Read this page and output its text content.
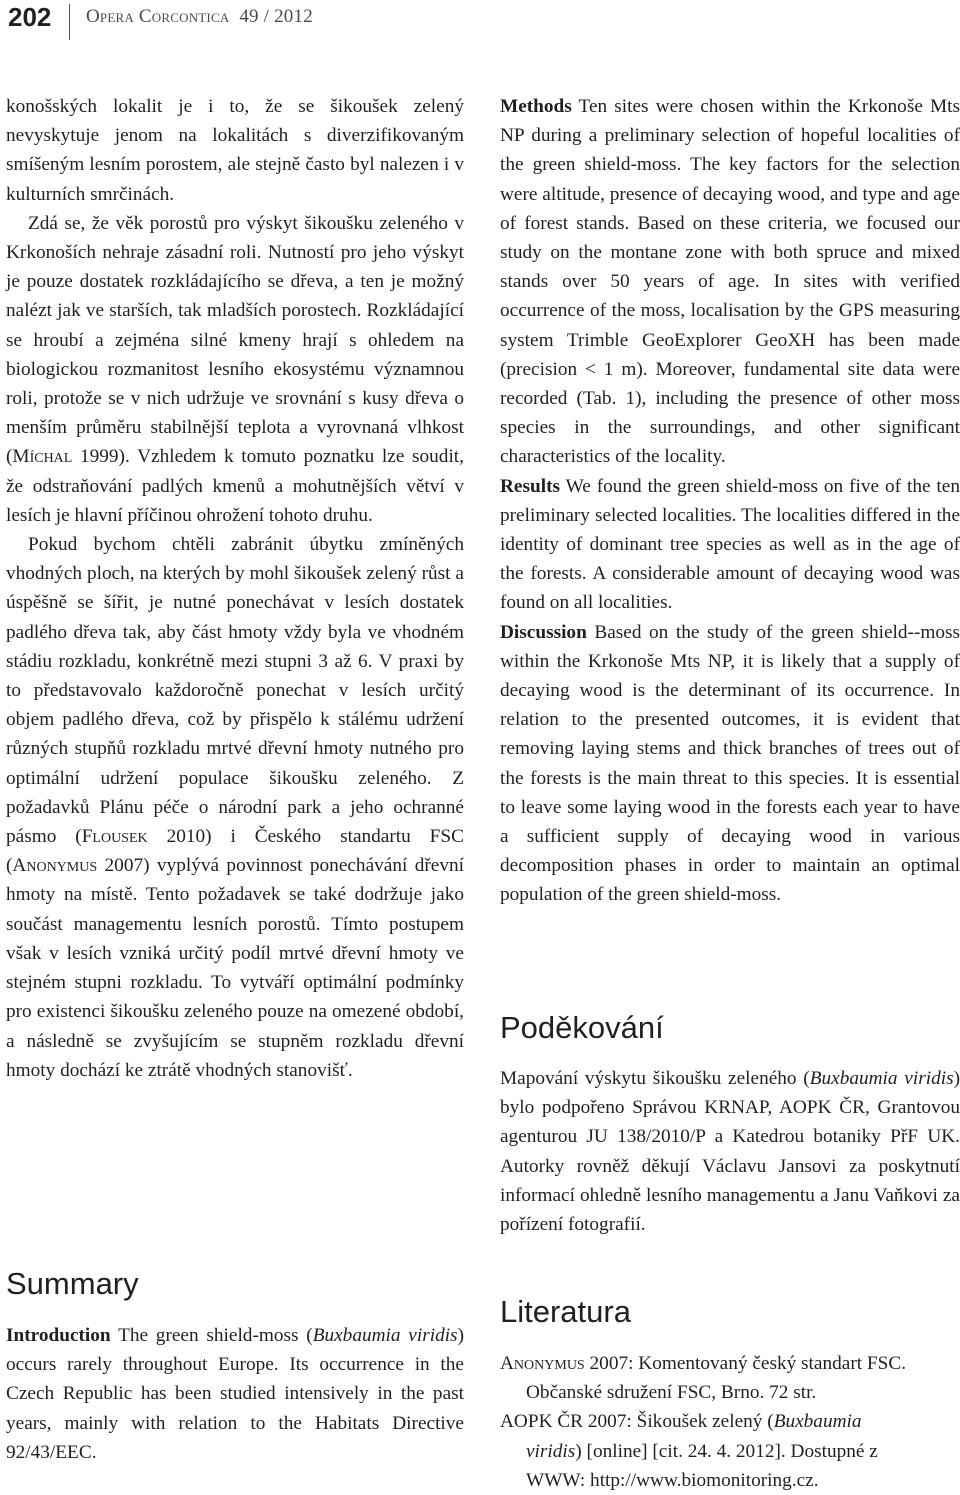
202 Opera Corcontica 49 / 2012

konošských lokalit je i to, že se šikoušek zelený nevyskytuje jenom na lokalitách s diverzifikovaným smíšeným lesním porostem, ale stejně často byl nalezen i v kulturních smrčinách.

Zdá se, že věk porostů pro výskyt šikoušku zeleného v Krkonoších nehraje zásadní roli. Nutností pro jeho výskyt je pouze dostatek rozkládajícího se dřeva, a ten je možný nalézt jak ve starších, tak mladších porostech. Rozkládající se hroubí a zejména silné kmeny hrají s ohledem na biologickou rozmanitost lesního ekosystému významnou roli, protože se v nich udržuje ve srovnání s kusy dřeva o menším průměru stabilnější teplota a vyrovnaná vlhkost (Míchal 1999). Vzhledem k tomuto poznatku lze soudit, že odstraňování padlých kmenů a mohutnějších větví v lesích je hlavní příčinou ohrožení tohoto druhu.

Pokud bychom chtěli zabránit úbytku zmíněných vhodných ploch, na kterých by mohl šikoušek zelený růst a úspěšně se šířit, je nutné ponechávat v lesích dostatek padlého dřeva tak, aby část hmoty vždy byla ve vhodném stádiu rozkladu, konkrétně mezi stupni 3 až 6. V praxi by to představovalo každoročně ponechat v lesích určitý objem padlého dřeva, což by přispělo k stálému udržení různých stupňů rozkladu mrtvé dřevní hmoty nutného pro optimální udržení populace šikoušku zeleného. Z požadavků Plánu péče o národní park a jeho ochranné pásmo (Flousek 2010) i Českého standartu FSC (Anonymus 2007) vyplývá povinnost ponechávání dřevní hmoty na místě. Tento požadavek se také dodržuje jako součást managementu lesních porostů. Tímto postupem však v lesích vzniká určitý podíl mrtvé dřevní hmoty ve stejném stupni rozkladu. To vytváří optimální podmínky pro existenci šikoušku zeleného pouze na omezené období, a následně se zvyšujícím se stupněm rozkladu dřevní hmoty dochází ke ztrátě vhodných stanovišť.

Summary

Introduction The green shield-moss (Buxbaumia viridis) occurs rarely throughout Europe. Its occurrence in the Czech Republic has been studied intensively in the past years, mainly with relation to the Habitats Directive 92/43/EEC.

Methods Ten sites were chosen within the Krkonoše Mts NP during a preliminary selection of hopeful localities of the green shield-moss. The key factors for the selection were altitude, presence of decaying wood, and type and age of forest stands. Based on these criteria, we focused our study on the montane zone with both spruce and mixed stands over 50 years of age. In sites with verified occurrence of the moss, localisation by the GPS measuring system Trimble GeoExplorer GeoXH has been made (precision < 1 m). Moreover, fundamental site data were recorded (Tab. 1), including the presence of other moss species in the surroundings, and other significant characteristics of the locality.

Results We found the green shield-moss on five of the ten preliminary selected localities. The localities differed in the identity of dominant tree species as well as in the age of the forests. A considerable amount of decaying wood was found on all localities.

Discussion Based on the study of the green shield--moss within the Krkonoše Mts NP, it is likely that a supply of decaying wood is the determinant of its occurrence. In relation to the presented outcomes, it is evident that removing laying stems and thick branches of trees out of the forests is the main threat to this species. It is essential to leave some laying wood in the forests each year to have a sufficient supply of decaying wood in various decomposition phases in order to maintain an optimal population of the green shield-moss.

Poděkování

Mapování výskytu šikoušku zeleného (Buxbaumia viridis) bylo podpořeno Správou KRNAP, AOPK ČR, Grantovou agenturou JU 138/2010/P a Katedrou botaniky PřF UK. Autorky rovněž děkují Václavu Jansovi za poskytnutí informací ohledně lesního managementu a Janu Vaňkovi za pořízení fotografií.

Literatura

Anonymus 2007: Komentovaný český standart FSC. Občanské sdružení FSC, Brno. 72 str.

AOPK ČR 2007: Šikoušek zelený (Buxbaumia viridis) [online] [cit. 24. 4. 2012]. Dostupné z WWW: http://www.biomonitoring.cz.
